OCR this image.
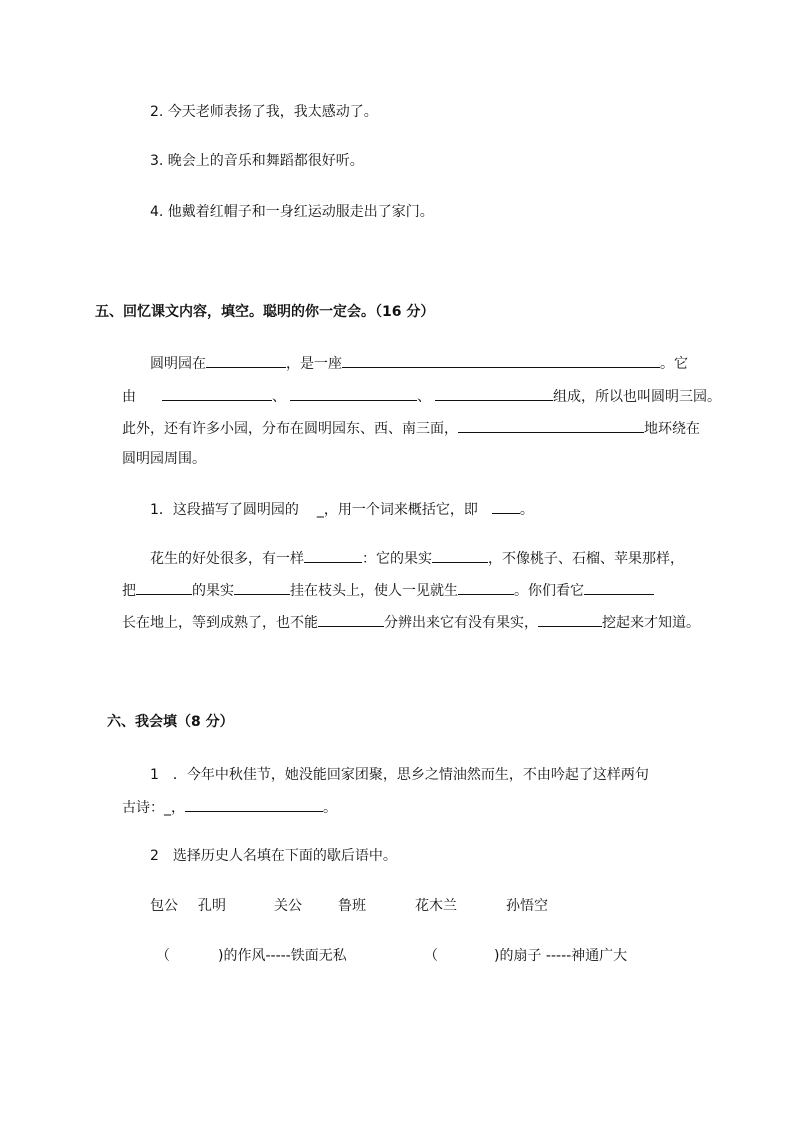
2. 今天老师表扬了我，我太感动了。
3. 晚会上的音乐和舞蹈都很好听。
4. 他戴着红帽子和一身红运动服走出了家门。
五、回忆课文内容，填空。聪明的你一定会。（16 分）
圆明园在	，是一座	。它
由	、	、	组成，所以也叫圆明三园。
此外，还有许多小园，分布在圆明园东、西、南三面，	地环绕在
圆明园周围。
1．这段描写了圆明园的 _，用一个词来概括它，即	。
花生的好处很多，有一样	：它的果实	，不像桃子、石榴、苹果那样，
把	的果实	挂在枝头上，使人一见就生	。你们看它
长在地上，等到成熟了，也不能	分辨出来它有没有果实，	挖起来才知道。
六、我会填（8 分）
1　．今年中秋佳节，她没能回家团聚，思乡之情油然而生，不由吟起了这样两句
古诗：_，	。
2　选择历史人名填在下面的歇后语中。
包公 孔明	关公	鲁班	花木兰	孙悟空
（	)的作风-----铁面无私	（	)的扇子 -----神通广大
